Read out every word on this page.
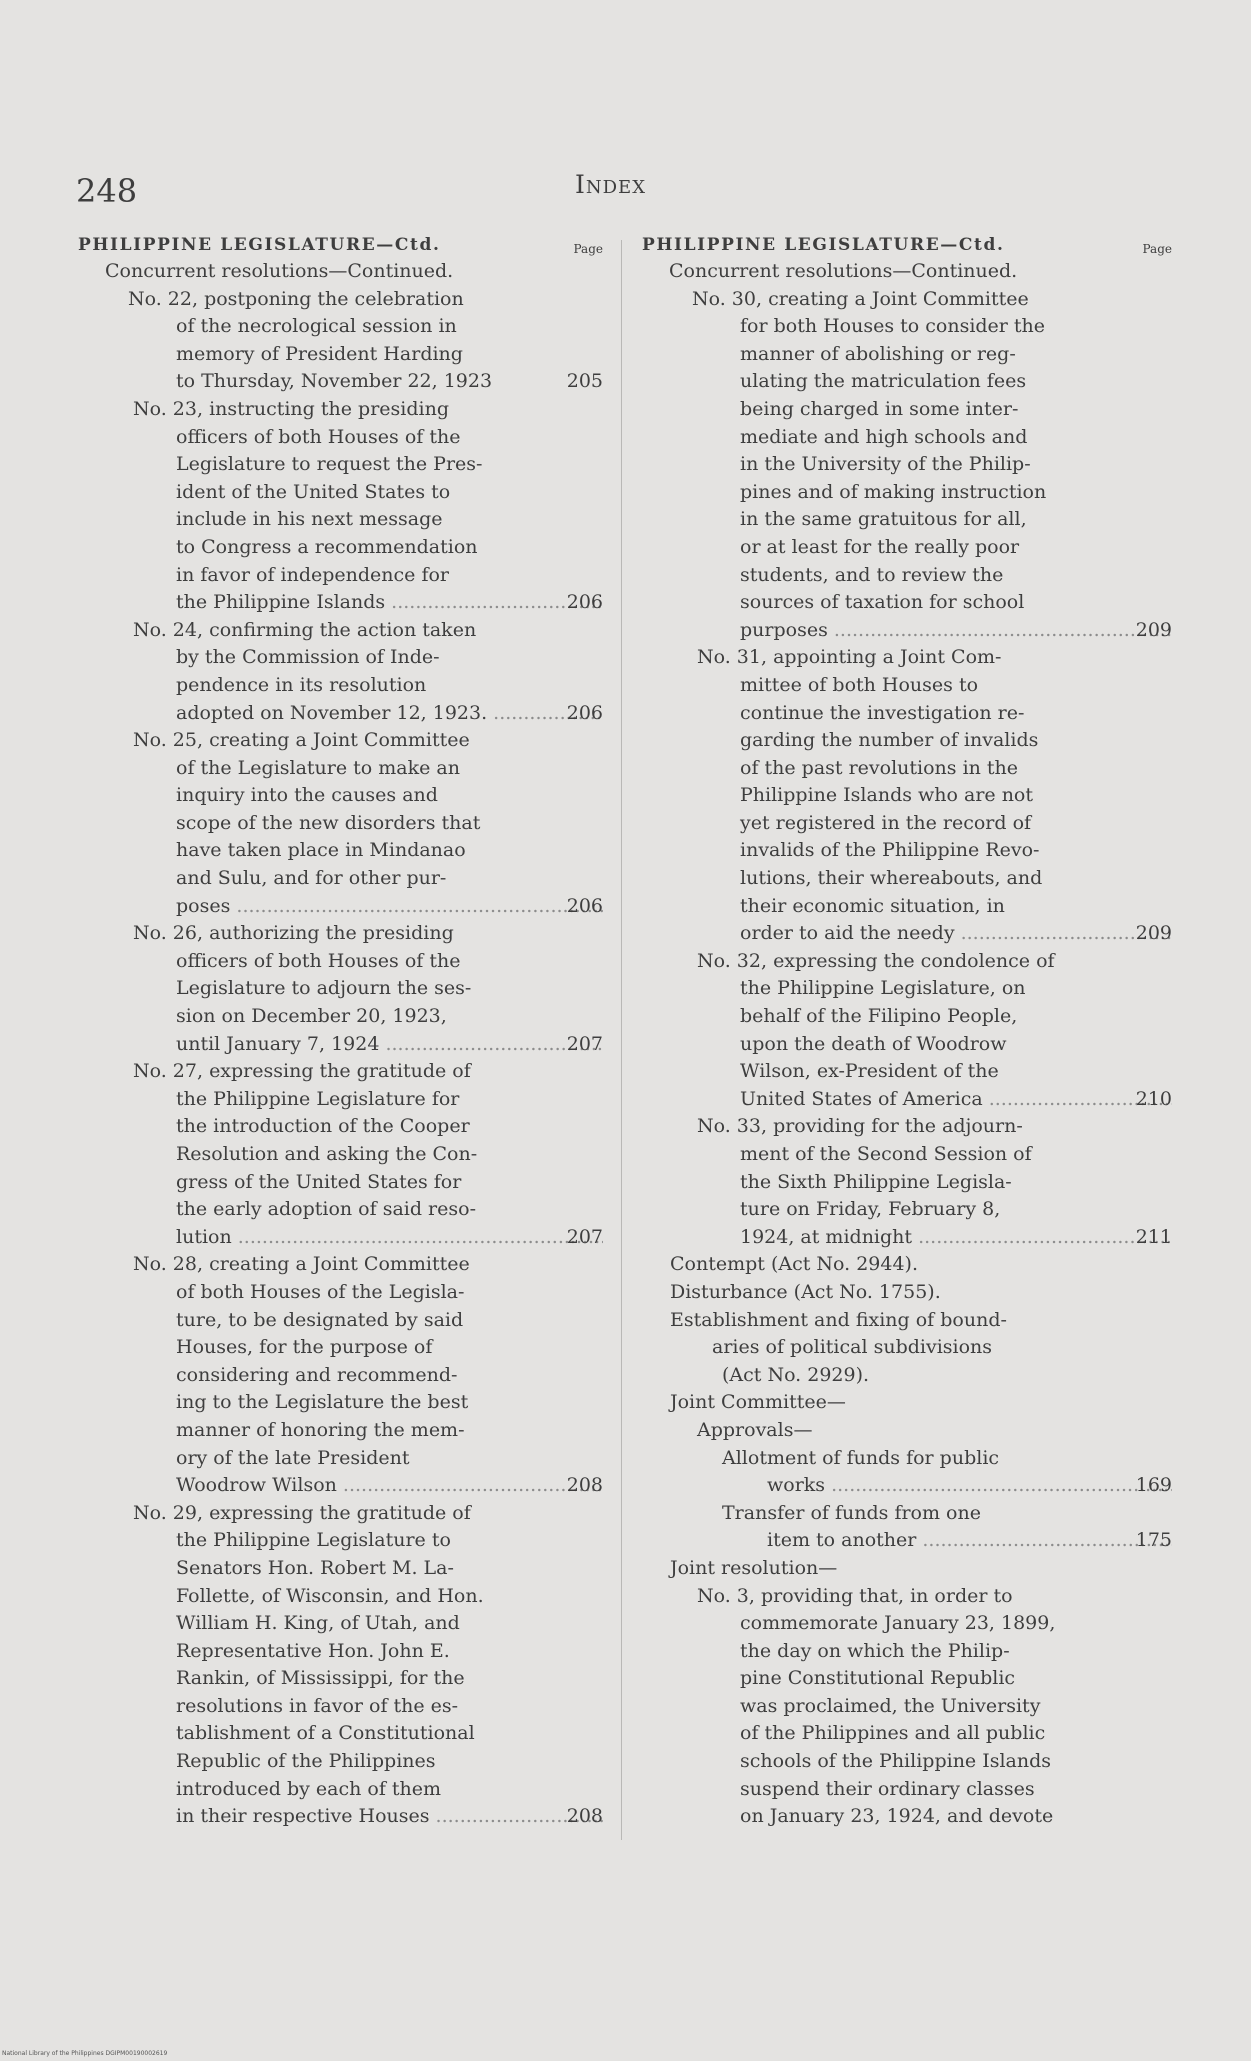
248	Index
PHILIPPINE LEGISLATURE—Ctd.	Page
Concurrent resolutions—Continued.
No. 22, postponing the celebration
of the necrological session in
memory of President Harding
to Thursday, November 22, 1923	205
No. 23, instructing the presiding
officers of both Houses of the
Legislature to request the Pres-
ident of the United States to
include in his next message
to Congress a recommendation
in favor of independence for
the Philippine Islands .....	206
No. 24, confirming the action taken
by the Commission of Inde-
pendence in its resolution
adopted on November 12, 1923. .....	206
No. 25, creating a Joint Committee
of the Legislature to make an
inquiry into the causes and
scope of the new disorders that
have taken place in Mindanao
and Sulu, and for other pur-
poses .....	206
No. 26, authorizing the presiding
officers of both Houses of the
Legislature to adjourn the ses-
sion on December 20, 1923,
until January 7, 1924 .....	207
No. 27, expressing the gratitude of
the Philippine Legislature for
the introduction of the Cooper
Resolution and asking the Con-
gress of the United States for
the early adoption of said reso-
lution .....	207
No. 28, creating a Joint Committee
of both Houses of the Legisla-
ture, to be designated by said
Houses, for the purpose of
considering and recommend-
ing to the Legislature the best
manner of honoring the mem-
ory of the late President
Woodrow Wilson .....	208
No. 29, expressing the gratitude of
the Philippine Legislature to
Senators Hon. Robert M. La-
Follette, of Wisconsin, and Hon.
William H. King, of Utah, and
Representative Hon. John E.
Rankin, of Mississippi, for the
resolutions in favor of the es-
tablishment of a Constitutional
Republic of the Philippines
introduced by each of them
in their respective Houses .....	208
PHILIPPINE LEGISLATURE—Ctd.	Page
Concurrent resolutions—Continued.
No. 30, creating a Joint Committee
for both Houses to consider the
manner of abolishing or reg-
ulating the matriculation fees
being charged in some inter-
mediate and high schools and
in the University of the Philip-
pines and of making instruction
in the same gratuitous for all,
or at least for the really poor
students, and to review the
sources of taxation for school
purposes .....	209
No. 31, appointing a Joint Com-
mittee of both Houses to
continue the investigation re-
garding the number of invalids
of the past revolutions in the
Philippine Islands who are not
yet registered in the record of
invalids of the Philippine Revo-
lutions, their whereabouts, and
their economic situation, in
order to aid the needy .....	209
No. 32, expressing the condolence of
the Philippine Legislature, on
behalf of the Filipino People,
upon the death of Woodrow
Wilson, ex-President of the
United States of America .....	210
No. 33, providing for the adjourn-
ment of the Second Session of
the Sixth Philippine Legisla-
ture on Friday, February 8,
1924, at midnight .....	211
Contempt (Act No. 2944).
Disturbance (Act No. 1755).
Establishment and fixing of bound-
aries of political subdivisions
(Act No. 2929).
Joint Committee—
Approvals—
Allotment of funds for public
works .....	169
Transfer of funds from one
item to another .....	175
Joint resolution—
No. 3, providing that, in order to
commemorate January 23, 1899,
the day on which the Philip-
pine Constitutional Republic
was proclaimed, the University
of the Philippines and all public
schools of the Philippine Islands
suspend their ordinary classes
on January 23, 1924, and devote
National Library of the Philippines DGIPM00190002619
